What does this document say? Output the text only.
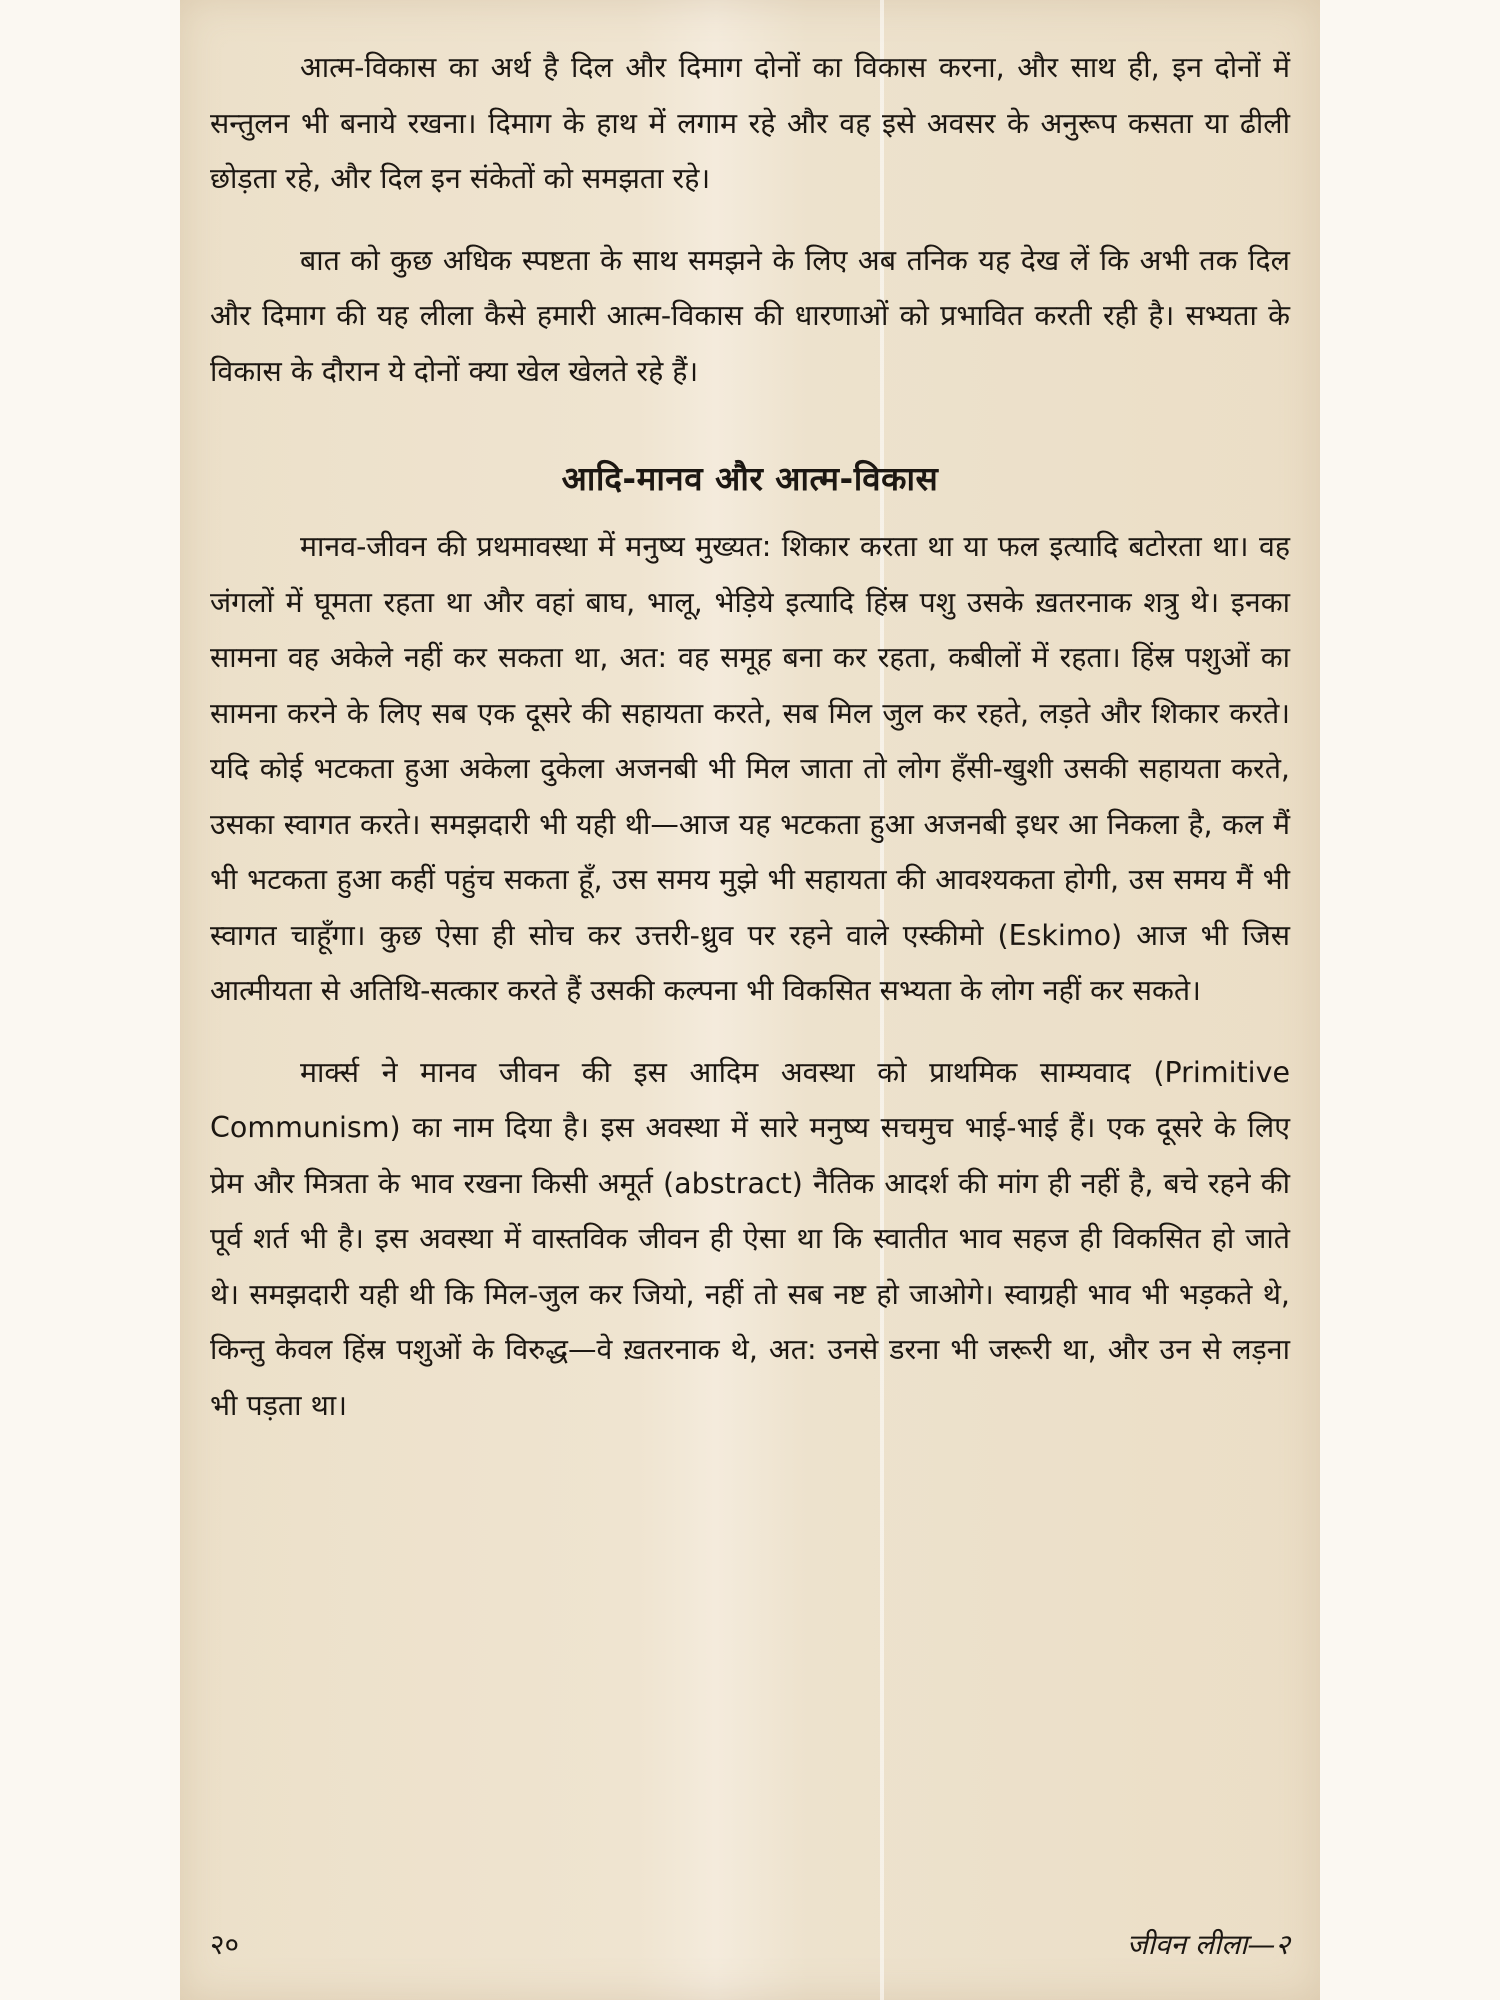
आत्म-विकास का अर्थ है दिल और दिमाग दोनों का विकास करना, और साथ ही, इन दोनों में सन्तुलन भी बनाये रखना। दिमाग के हाथ में लगाम रहे और वह इसे अवसर के अनुरूप कसता या ढीली छोड़ता रहे, और दिल इन संकेतों को समझता रहे।

बात को कुछ अधिक स्पष्टता के साथ समझने के लिए अब तनिक यह देख लें कि अभी तक दिल और दिमाग की यह लीला कैसे हमारी आत्म-विकास की धारणाओं को प्रभावित करती रही है। सभ्यता के विकास के दौरान ये दोनों क्या खेल खेलते रहे हैं।

आदि-मानव और आत्म-विकास

मानव-जीवन की प्रथमावस्था में मनुष्य मुख्यत: शिकार करता था या फल इत्यादि बटोरता था। वह जंगलों में घूमता रहता था और वहां बाघ, भालू, भेड़िये इत्यादि हिंस्र पशु उसके ख़तरनाक शत्रु थे। इनका सामना वह अकेले नहीं कर सकता था, अत: वह समूह बना कर रहता, कबीलों में रहता। हिंस्र पशुओं का सामना करने के लिए सब एक दूसरे की सहायता करते, सब मिल जुल कर रहते, लड़ते और शिकार करते। यदि कोई भटकता हुआ अकेला दुकेला अजनबी भी मिल जाता तो लोग हँसी-खुशी उसकी सहायता करते, उसका स्वागत करते। समझदारी भी यही थी—आज यह भटकता हुआ अजनबी इधर आ निकला है, कल मैं भी भटकता हुआ कहीं पहुंच सकता हूँ, उस समय मुझे भी सहायता की आवश्यकता होगी, उस समय मैं भी स्वागत चाहूँगा। कुछ ऐसा ही सोच कर उत्तरी-ध्रुव पर रहने वाले एस्कीमो (Eskimo) आज भी जिस आत्मीयता से अतिथि-सत्कार करते हैं उसकी कल्पना भी विकसित सभ्यता के लोग नहीं कर सकते।

मार्क्स ने मानव जीवन की इस आदिम अवस्था को प्राथमिक साम्यवाद (Primitive Communism) का नाम दिया है। इस अवस्था में सारे मनुष्य सचमुच भाई-भाई हैं। एक दूसरे के लिए प्रेम और मित्रता के भाव रखना किसी अमूर्त (abstract) नैतिक आदर्श की मांग ही नहीं है, बचे रहने की पूर्व शर्त भी है। इस अवस्था में वास्तविक जीवन ही ऐसा था कि स्वातीत भाव सहज ही विकसित हो जाते थे। समझदारी यही थी कि मिल-जुल कर जियो, नहीं तो सब नष्ट हो जाओगे। स्वाग्रही भाव भी भड़कते थे, किन्तु केवल हिंस्र पशुओं के विरुद्ध—वे ख़तरनाक थे, अत: उनसे डरना भी जरूरी था, और उन से लड़ना भी पड़ता था।

२०	जीवन लीला—२
